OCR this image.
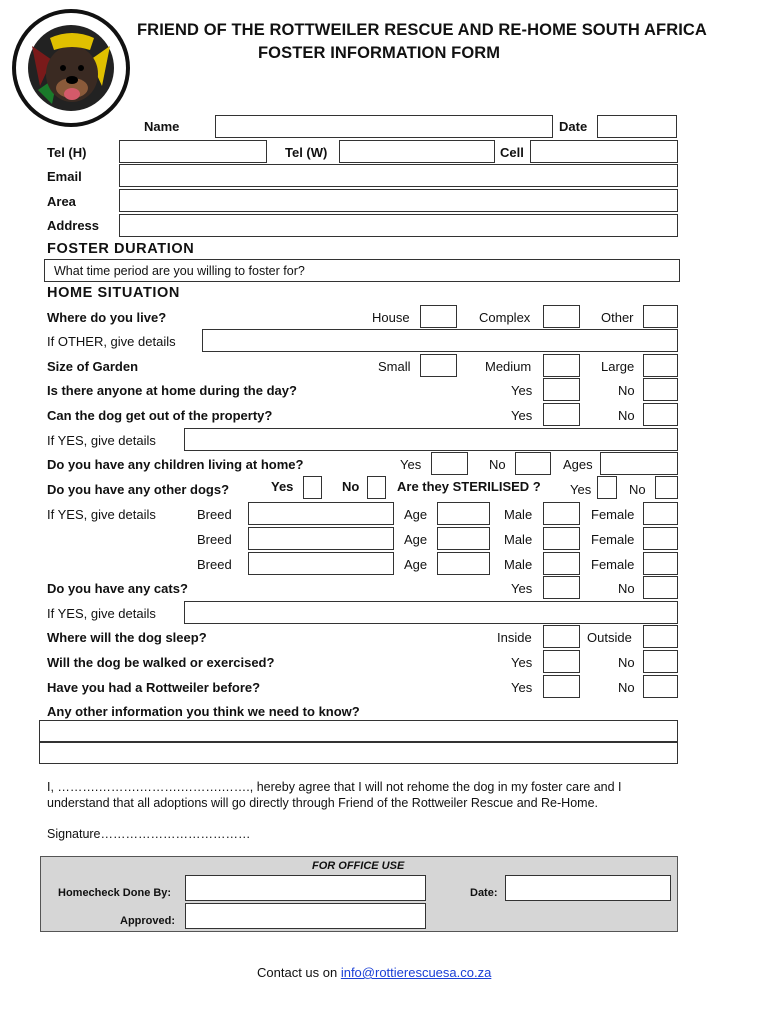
FRIEND OF THE ROTTWEILER RESCUE AND RE-HOME SOUTH AFRICA
FOSTER INFORMATION FORM
Name	Date
Tel (H)	Tel (W)	Cell
Email
Area
Address
FOSTER DURATION
What time period are you willing to foster for?
HOME SITUATION
Where do you live?	House	Complex	Other
If OTHER, give details
Size of Garden	Small	Medium	Large
Is there anyone at home during the day?	Yes	No
Can the dog get out of the property?	Yes	No
If YES, give details
Do you have any children living at home?	Yes	No	Ages
Do you have any other dogs?	Yes	No	Are they STERILISED ? Yes	No
If YES, give details	Breed	Age	Male	Female
Breed	Age	Male	Female
Breed	Age	Male	Female
Do you have any cats?	Yes	No
If YES, give details
Where will the dog sleep?	Inside	Outside
Will the dog be walked or exercised?	Yes	No
Have you had a Rottweiler before?	Yes	No
Any other information you think we need to know?
I, ……….……….……….……….……., hereby agree that I will not rehome the dog in my foster care and I
understand that all adoptions will go directly through Friend of the Rottweiler Rescue and Re-Home.
Signature………………………………
FOR OFFICE USE
Homecheck Done By:	Date:
Approved:
Contact us on info@rottierescuesa.co.za
